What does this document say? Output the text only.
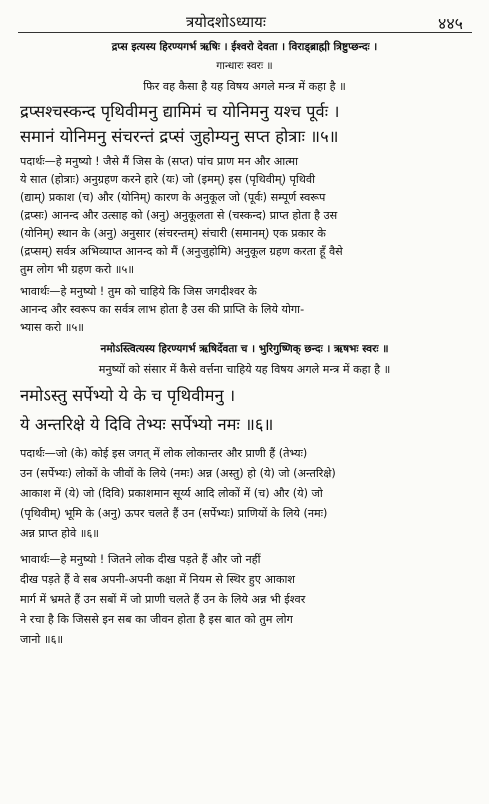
त्रयोदशोऽध्यायः	४४५
द्रप्स इत्यस्य हिरण्यगर्भ ऋषिः । ईश्वरो देवता । विराड्ब्राह्मी त्रिष्टुप्छन्दः ।
गान्धारः स्वरः ॥
फिर वह कैसा है यह विषय अगले मन्त्र में कहा है ॥
द्रप्सश्चस्कन्द पृथिवीमनु द्यामिमं च योनिमनु यश्च पूर्वः ।
समानं योनिमनु संचरन्तं द्रप्सं जुहोम्यनु सप्त होत्राः ॥५॥
पदार्थः—हे मनुष्यो ! जैसे मैं जिस के (सप्त) पांच प्राण मन और आत्मा
ये सात (होत्राः) अनुग्रहण करने हारे (यः) जो (इमम्) इस (पृथिवीम्) पृथिवी
(द्याम्) प्रकाश (च) और (योनिम्) कारण के अनुकूल जो (पूर्वः) सम्पूर्ण स्वरूप
(द्रप्सः) आनन्द और उत्साह को (अनु) अनुकूलता से (चस्कन्द) प्राप्त होता है उस
(योनिम्) स्थान के (अनु) अनुसार (संचरन्तम्) संचारी (समानम्) एक प्रकार के
(द्रप्सम्) सर्वत्र अभिव्याप्त आनन्द को मैं (अनुजुहोमि) अनुकूल ग्रहण करता हूँ वैसे
तुम लोग भी ग्रहण करो ॥५॥
भावार्थः—हे मनुष्यो ! तुम को चाहिये कि जिस जगदीश्वर के
आनन्द और स्वरूप का सर्वत्र लाभ होता है उस की प्राप्ति के लिये योगा-
भ्यास करो ॥५॥
नमोऽस्त्वित्यस्य हिरण्यगर्भ ऋषिर्देवता च । भुरिगुष्णिक् छन्दः । ऋषभः स्वरः ॥
मनुष्यों को संसार में कैसे वर्त्तना चाहिये यह विषय अगले मन्त्र में कहा है ॥
नमोऽस्तु सर्पेभ्यो ये के च पृथिवीमनु ।
ये अन्तरिक्षे ये दिवि तेभ्यः सर्पेभ्यो नमः ॥६॥
पदार्थः—जो (के) कोई इस जगत् में लोक लोकान्तर और प्राणी हैं (तेभ्यः)
उन (सर्पेभ्यः) लोकों के जीवों के लिये (नमः) अन्न (अस्तु) हो (ये) जो (अन्तरिक्षे)
आकाश में (ये) जो (दिवि) प्रकाशमान सूर्य्य आदि लोकों में (च) और (ये) जो
(पृथिवीम्) भूमि के (अनु) ऊपर चलते हैं उन (सर्पेभ्यः) प्राणियों के लिये (नमः)
अन्न प्राप्त होवे ॥६॥
भावार्थः—हे मनुष्यो ! जितने लोक दीख पड़ते हैं और जो नहीं
दीख पड़ते हैं वे सब अपनी-अपनी कक्षा में नियम से स्थिर हुए आकाश
मार्ग में भ्रमते हैं उन सबों में जो प्राणी चलते हैं उन के लिये अन्न भी ईश्वर
ने रचा है कि जिससे इन सब का जीवन होता है इस बात को तुम लोग
जानो ॥६॥
